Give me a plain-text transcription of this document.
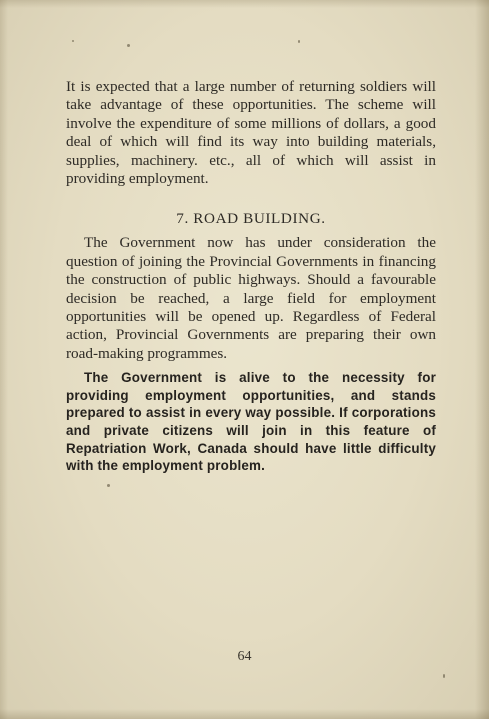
It is expected that a large number of returning soldiers will take advantage of these opportunities. The scheme will involve the expenditure of some millions of dollars, a good deal of which will find its way into building materials, supplies, machinery. etc., all of which will assist in providing employment.

7. ROAD BUILDING.

The Government now has under consideration the question of joining the Provincial Governments in financing the construction of public highways. Should a favourable decision be reached, a large field for employment opportunities will be opened up. Regardless of Federal action, Provincial Governments are preparing their own road-making programmes.

The Government is alive to the necessity for providing employment opportunities, and stands prepared to assist in every way possible. If corporations and private citizens will join in this feature of Repatriation Work, Canada should have little difficulty with the employment problem.

64
